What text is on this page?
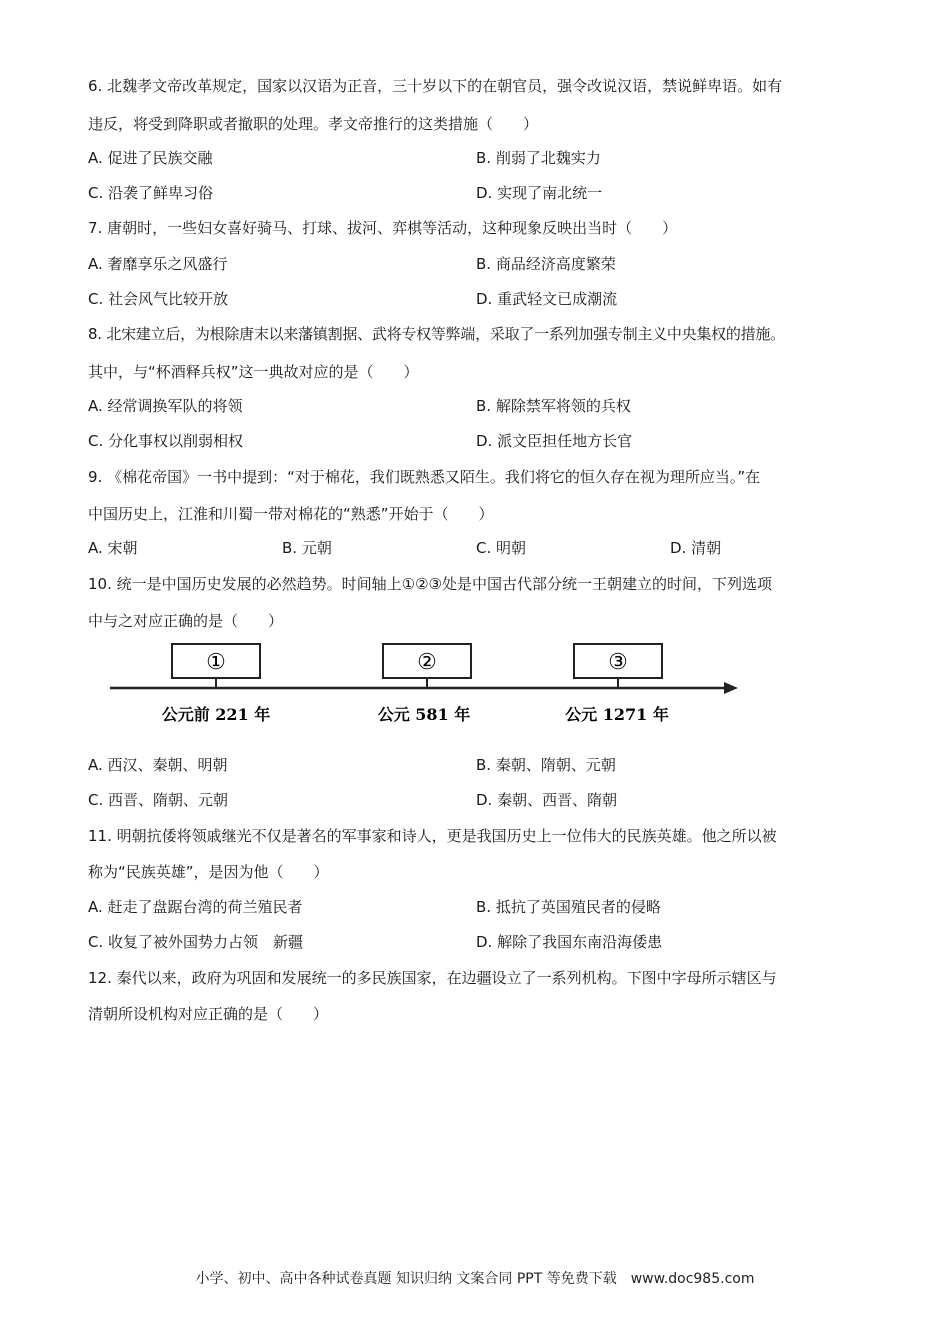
6. 北魏孝文帝改革规定，国家以汉语为正音，三十岁以下的在朝官员，强令改说汉语，禁说鲜卑语。如有
违反，将受到降职或者撤职的处理。孝文帝推行的这类措施（　　）
A. 促进了民族交融	B. 削弱了北魏实力
C. 沿袭了鲜卑习俗	D. 实现了南北统一
7. 唐朝时，一些妇女喜好骑马、打球、拔河、弈棋等活动，这种现象反映出当时（　　）
A. 奢靡享乐之风盛行	B. 商品经济高度繁荣
C. 社会风气比较开放	D. 重武轻文已成潮流
8. 北宋建立后，为根除唐末以来藩镇割据、武将专权等弊端，采取了一系列加强专制主义中央集权的措施。
其中，与“杯酒释兵权”这一典故对应的是（　　）
A. 经常调换军队的将领	B. 解除禁军将领的兵权
C. 分化事权以削弱相权	D. 派文臣担任地方长官
9. 《棉花帝国》一书中提到：“对于棉花，我们既熟悉又陌生。我们将它的恒久存在视为理所应当。”在
中国历史上，江淮和川蜀一带对棉花的“熟悉”开始于（　　）
A. 宋朝	B. 元朝	C. 明朝	D. 清朝
10. 统一是中国历史发展的必然趋势。时间轴上①②③处是中国古代部分统一王朝建立的时间，下列选项
中与之对应正确的是（　　）
①
公元前 221 年
②
公元 581 年
③
公元 1271 年
A. 西汉、秦朝、明朝	B. 秦朝、隋朝、元朝
C. 西晋、隋朝、元朝	D. 秦朝、西晋、隋朝
11. 明朝抗倭将领戚继光不仅是著名的军事家和诗人，更是我国历史上一位伟大的民族英雄。他之所以被
称为“民族英雄”，是因为他（　　）
A. 赶走了盘踞台湾的荷兰殖民者	B. 抵抗了英国殖民者的侵略
C. 收复了被外国势力占领　新疆	D. 解除了我国东南沿海倭患
12. 秦代以来，政府为巩固和发展统一的多民族国家，在边疆设立了一系列机构。下图中字母所示辖区与
清朝所设机构对应正确的是（　　）
小学、初中、高中各种试卷真题 知识归纳 文案合同 PPT 等免费下载　www.doc985.com
